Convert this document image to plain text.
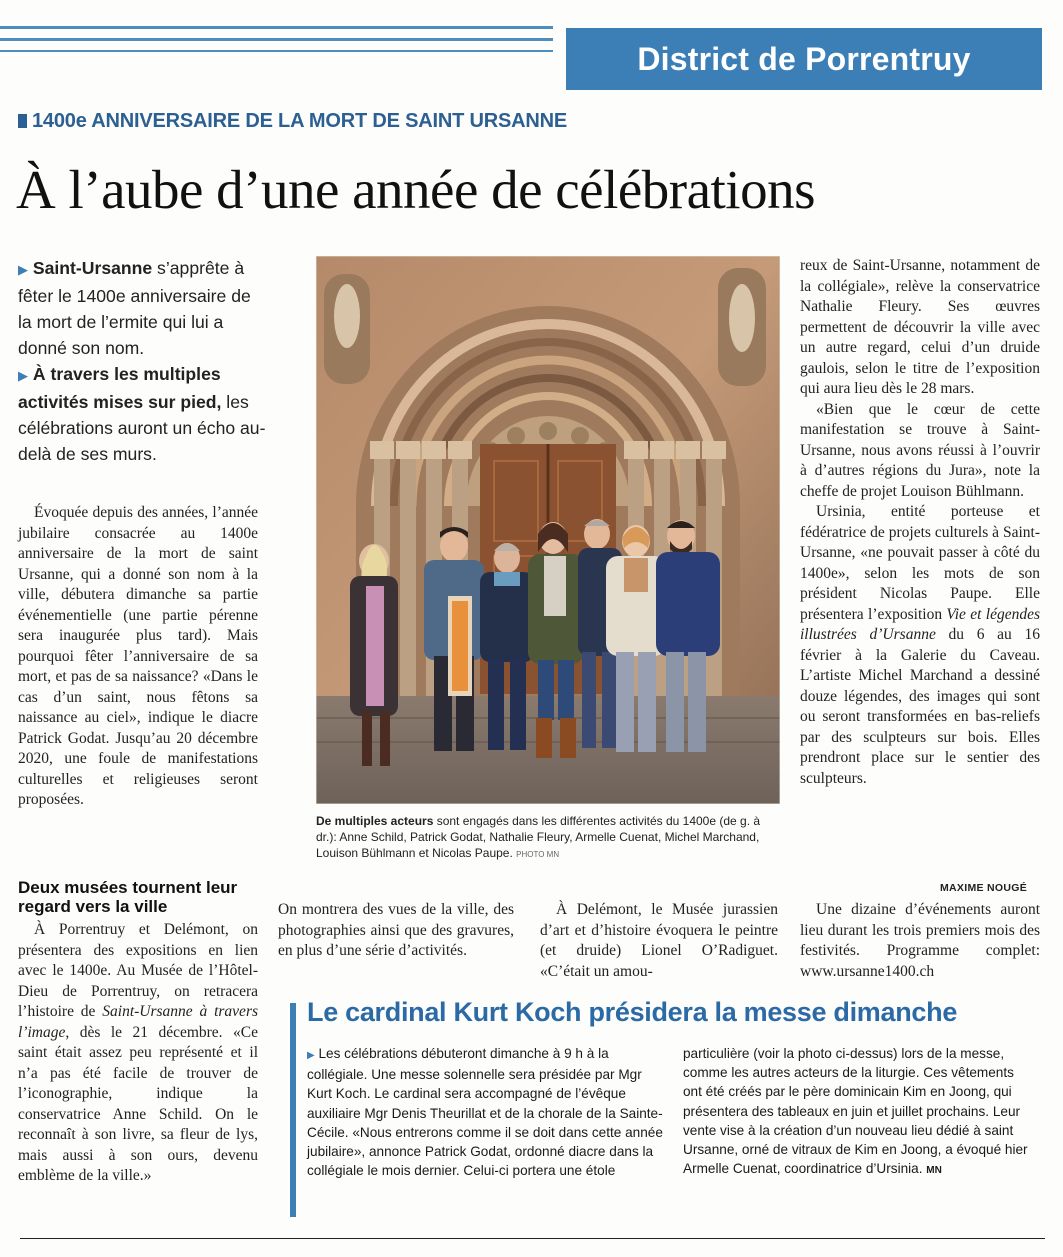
District de Porrentruy
1400e ANNIVERSAIRE DE LA MORT DE SAINT URSANNE
À l’aube d’une année de célébrations
▶ Saint-Ursanne s’apprête à fêter le 1400e anniversaire de la mort de l’ermite qui lui a donné son nom.
▶ À travers les multiples activités mises sur pied, les célébrations auront un écho au-delà de ses murs.

Évoquée depuis des années, l’année jubilaire consacrée au 1400e anniversaire de la mort de saint Ursanne, qui a donné son nom à la ville, débutera dimanche sa partie événementielle (une partie pérenne sera inaugurée plus tard). Mais pourquoi fêter l’anniversaire de sa mort, et pas de sa naissance? «Dans le cas d’un saint, nous fêtons sa naissance au ciel», indique le diacre Patrick Godat. Jusqu’au 20 décembre 2020, une foule de manifestations culturelles et religieuses seront proposées.

Deux musées tournent leur regard vers la ville

À Porrentruy et Delémont, on présentera des expositions en lien avec le 1400e. Au Musée de l’Hôtel-Dieu de Porrentruy, on retracera l’histoire de Saint-Ursanne à travers l’image, dès le 21 décembre. «Ce saint était assez peu représenté et il n’a pas été facile de trouver de l’iconographie, indique la conservatrice Anne Schild. On le reconnaît à son livre, sa fleur de lys, mais aussi à son ours, devenu emblème de la ville.»

De multiples acteurs sont engagés dans les différentes activités du 1400e (de g. à dr.): Anne Schild, Patrick Godat, Nathalie Fleury, Armelle Cuenat, Michel Marchand, Louison Bühlmann et Nicolas Paupe. PHOTO MN

On montrera des vues de la ville, des photographies ainsi que des gravures, en plus d’une série d’activités.

À Delémont, le Musée jurassien d’art et d’histoire évoquera le peintre (et druide) Lionel O’Radiguet. «C’était un amou-

reux de Saint-Ursanne, notamment de la collégiale», relève la conservatrice Nathalie Fleury. Ses œuvres permettent de découvrir la ville avec un autre regard, celui d’un druide gaulois, selon le titre de l’exposition qui aura lieu dès le 28 mars.

«Bien que le cœur de cette manifestation se trouve à Saint-Ursanne, nous avons réussi à l’ouvrir à d’autres régions du Jura», note la cheffe de projet Louison Bühlmann.

Ursinia, entité porteuse et fédératrice de projets culturels à Saint-Ursanne, «ne pouvait passer à côté du 1400e», selon les mots de son président Nicolas Paupe. Elle présentera l’exposition Vie et légendes illustrées d’Ursanne du 6 au 16 février à la Galerie du Caveau. L’artiste Michel Marchand a dessiné douze légendes, des images qui sont ou seront transformées en bas-reliefs par des sculpteurs sur bois. Elles prendront place sur le sentier des sculpteurs.

MAXIME NOUGÉ

Une dizaine d’événements auront lieu durant les trois premiers mois des festivités. Programme complet: www.ursanne1400.ch

Le cardinal Kurt Koch présidera la messe dimanche
▶ Les célébrations débuteront dimanche à 9 h à la collégiale. Une messe solennelle sera présidée par Mgr Kurt Koch. Le cardinal sera accompagné de l’évêque auxiliaire Mgr Denis Theurillat et de la chorale de la Sainte-Cécile. «Nous entrerons comme il se doit dans cette année jubilaire», annonce Patrick Godat, ordonné diacre dans la collégiale le mois dernier. Celui-ci portera une étole
particulière (voir la photo ci-dessus) lors de la messe, comme les autres acteurs de la liturgie. Ces vêtements ont été créés par le père dominicain Kim en Joong, qui présentera des tableaux en juin et juillet prochains. Leur vente vise à la création d’un nouveau lieu dédié à saint Ursanne, orné de vitraux de Kim en Joong, a évoqué hier Armelle Cuenat, coordinatrice d’Ursinia. MN
